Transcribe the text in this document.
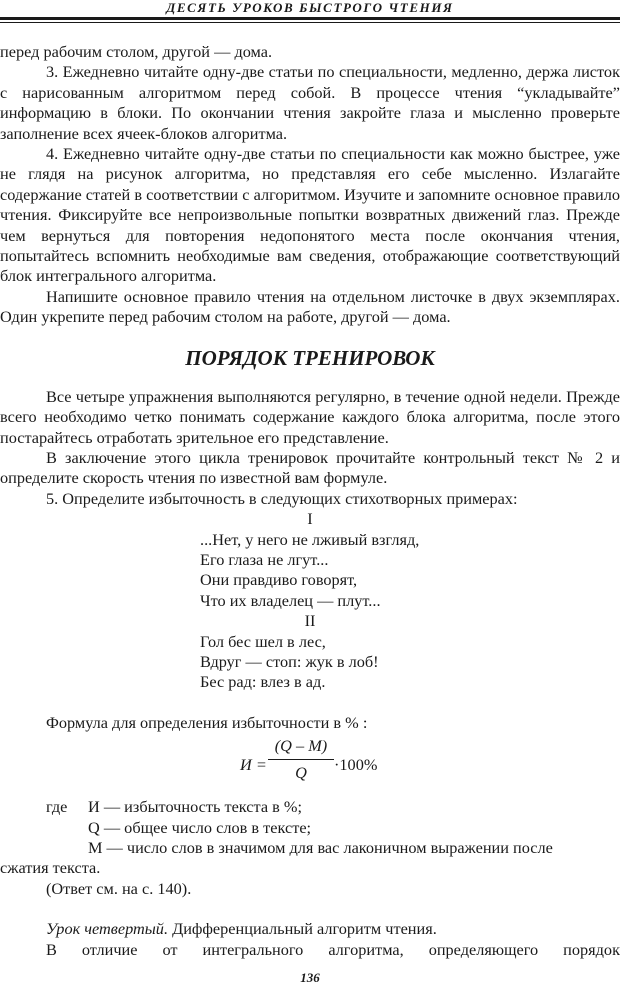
ДЕСЯТЬ УРОКОВ БЫСТРОГО ЧТЕНИЯ

перед рабочим столом, другой — дома.

3. Ежедневно читайте одну-две статьи по специальности, медленно, держа листок с нарисованным алгоритмом перед собой. В процессе чтения “укладывайте” информацию в блоки. По окончании чтения закройте глаза и мысленно проверьте заполнение всех ячеек-блоков алгоритма.

4. Ежедневно читайте одну-две статьи по специальности как можно быстрее, уже не глядя на рисунок алгоритма, но представляя его себе мысленно. Излагайте содержание статей в соответствии с алгоритмом. Изучите и запомните основное правило чтения. Фиксируйте все непроизвольные попытки возвратных движений глаз. Прежде чем вернуться для повторения недопонятого места после окончания чтения, попытайтесь вспомнить необходимые вам сведения, отображающие соответствующий блок интегрального алгоритма.

Напишите основное правило чтения на отдельном листочке в двух экземплярах. Один укрепите перед рабочим столом на работе, другой — дома.

ПОРЯДОК ТРЕНИРОВОК

Все четыре упражнения выполняются регулярно, в течение одной недели. Прежде всего необходимо четко понимать содержание каждого блока алгоритма, после этого постарайтесь отработать зрительное его представление.

В заключение этого цикла тренировок прочитайте контрольный текст № 2 и определите скорость чтения по известной вам формуле.

5. Определите избыточность в следующих стихотворных примерах:

I
...Нет, у него не лживый взгляд,
Его глаза не лгут...
Они правдиво говорят,
Что их владелец — плут...
II
Гол бес шел в лес,
Вдруг — стоп: жук в лоб!
Бес рад: влез в ад.

Формула для определения избыточности в % :

И =
(Q – M)
Q	·100%
где И — избыточность текста в %;
Q — общее число слов в тексте;
M — число слов в значимом для вас лаконичном выражении после
сжатия текста.
(Ответ см. на с. 140).

Урок четвертый. Дифференциальный алгоритм чтения.

В отличие от интегрального алгоритма, определяющего порядок

136
